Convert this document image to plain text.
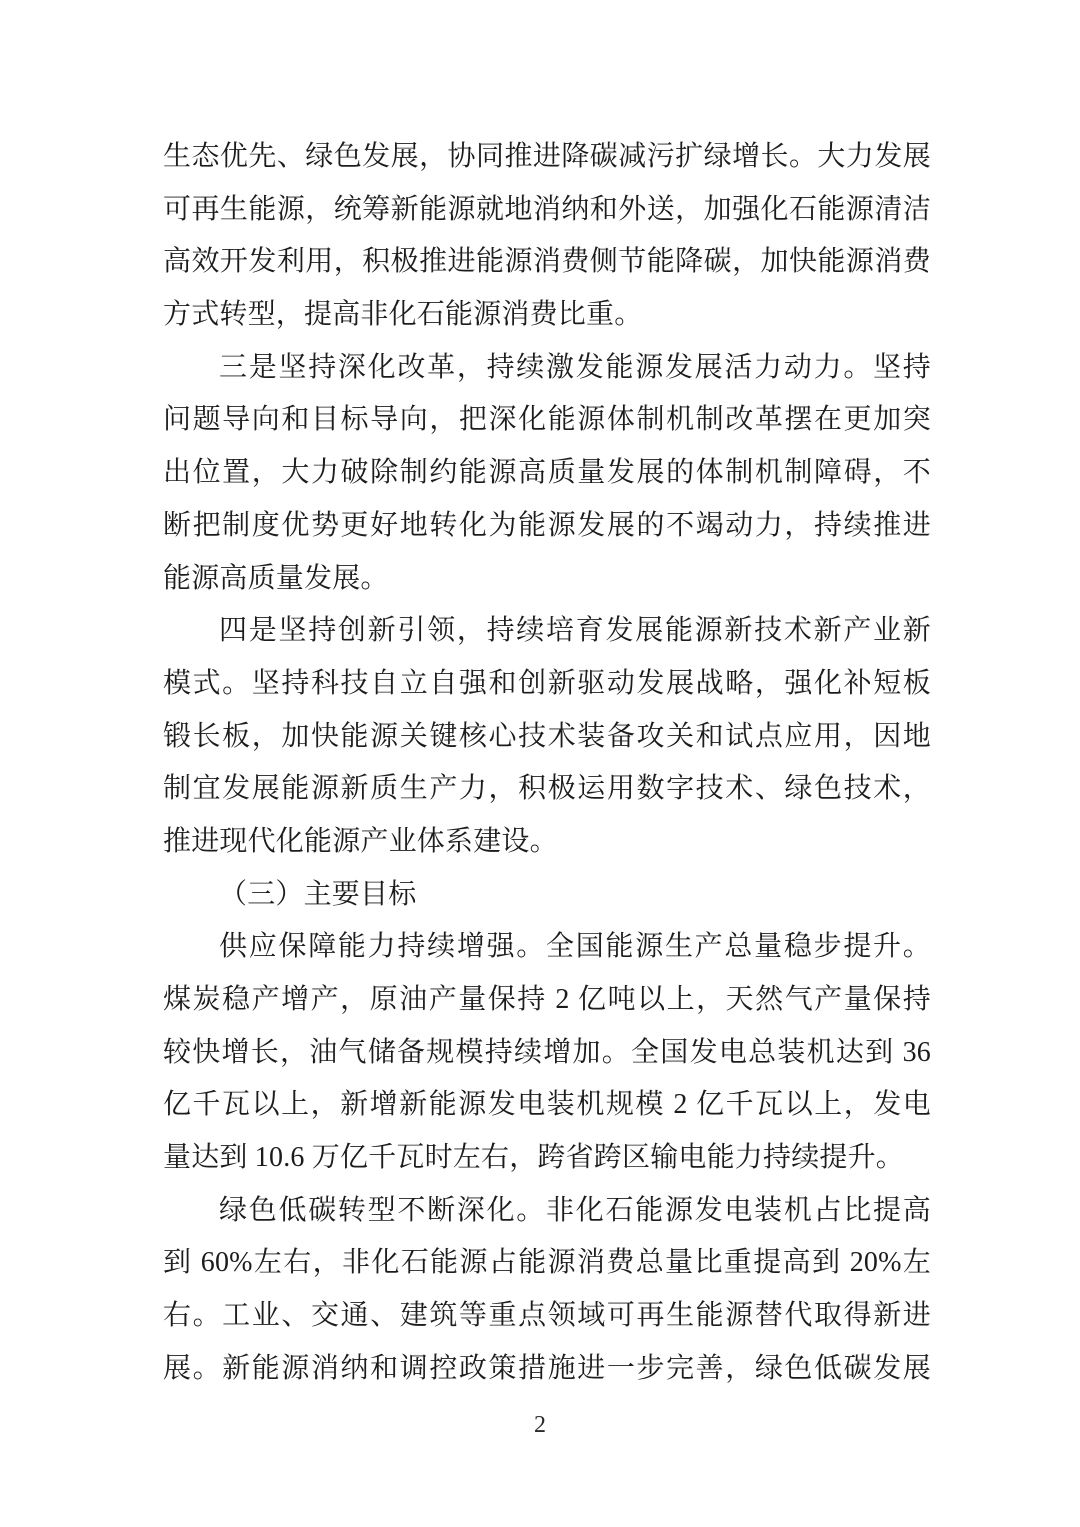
生态优先、绿色发展，协同推进降碳减污扩绿增长。大力发展
可再生能源，统筹新能源就地消纳和外送，加强化石能源清洁
高效开发利用，积极推进能源消费侧节能降碳，加快能源消费
方式转型，提高非化石能源消费比重。
三是坚持深化改革，持续激发能源发展活力动力。坚持
问题导向和目标导向，把深化能源体制机制改革摆在更加突
出位置，大力破除制约能源高质量发展的体制机制障碍，不
断把制度优势更好地转化为能源发展的不竭动力，持续推进
能源高质量发展。
四是坚持创新引领，持续培育发展能源新技术新产业新
模式。坚持科技自立自强和创新驱动发展战略，强化补短板
锻长板，加快能源关键核心技术装备攻关和试点应用，因地
制宜发展能源新质生产力，积极运用数字技术、绿色技术，
推进现代化能源产业体系建设。
（三）主要目标
供应保障能力持续增强。全国能源生产总量稳步提升。
煤炭稳产增产，原油产量保持 2 亿吨以上，天然气产量保持
较快增长，油气储备规模持续增加。全国发电总装机达到 36
亿千瓦以上，新增新能源发电装机规模 2 亿千瓦以上，发电
量达到 10.6 万亿千瓦时左右，跨省跨区输电能力持续提升。
绿色低碳转型不断深化。非化石能源发电装机占比提高
到 60%左右，非化石能源占能源消费总量比重提高到 20%左
右。工业、交通、建筑等重点领域可再生能源替代取得新进
展。新能源消纳和调控政策措施进一步完善，绿色低碳发展
2
